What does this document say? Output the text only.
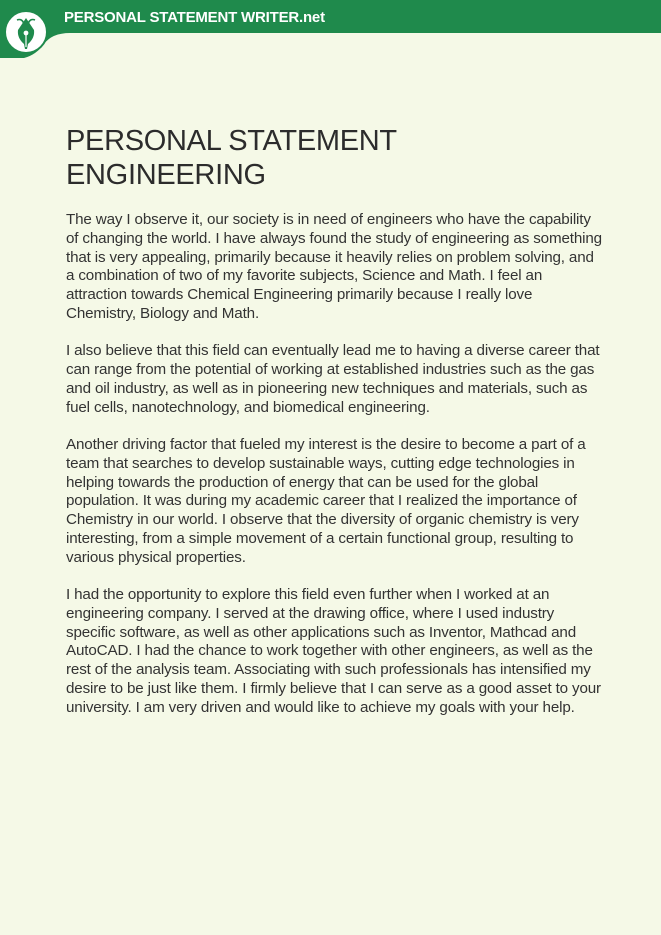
PERSONAL STATEMENT WRITER.net
PERSONAL STATEMENT
ENGINEERING

The way I observe it, our society is in need of engineers who have the capability of changing the world. I have always found the study of engineering as something that is very appealing, primarily because it heavily relies on problem solving, and a combination of two of my favorite subjects, Science and Math. I feel an attraction towards Chemical Engineering primarily because I really love Chemistry, Biology and Math.

I also believe that this field can eventually lead me to having a diverse career that can range from the potential of working at established industries such as the gas and oil industry, as well as in pioneering new techniques and materials, such as fuel cells, nanotechnology, and biomedical engineering.

Another driving factor that fueled my interest is the desire to become a part of a team that searches to develop sustainable ways, cutting edge technologies in helping towards the production of energy that can be used for the global population. It was during my academic career that I realized the importance of Chemistry in our world. I observe that the diversity of organic chemistry is very interesting, from a simple movement of a certain functional group, resulting to various physical properties.

I had the opportunity to explore this field even further when I worked at an engineering company. I served at the drawing office, where I used industry specific software, as well as other applications such as Inventor, Mathcad and AutoCAD. I had the chance to work together with other engineers, as well as the rest of the analysis team. Associating with such professionals has intensified my desire to be just like them. I firmly believe that I can serve as a good asset to your university. I am very driven and would like to achieve my goals with your help.
